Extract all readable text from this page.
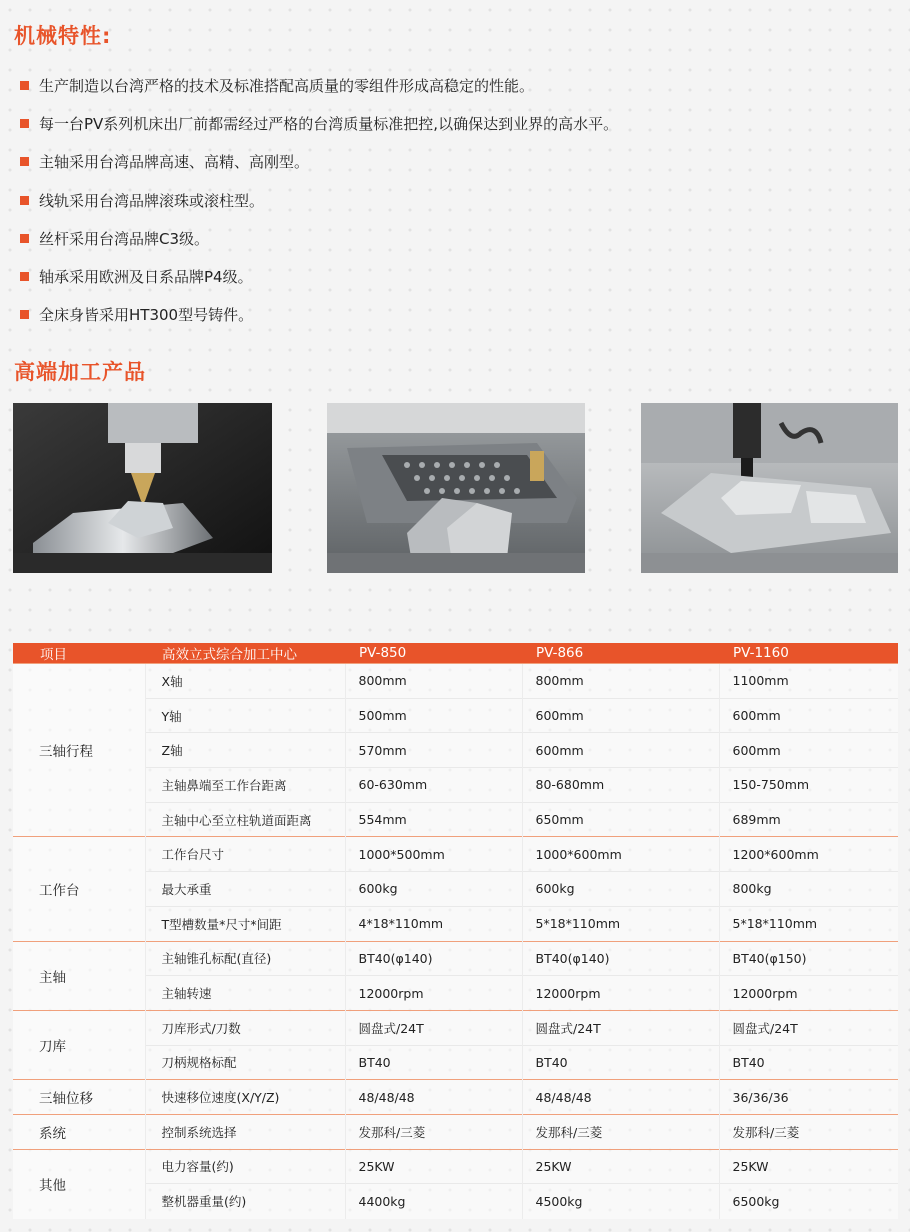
机械特性:
生产制造以台湾严格的技术及标准搭配高质量的零组件形成高稳定的性能。
每一台PV系列机床出厂前都需经过严格的台湾质量标准把控,以确保达到业界的高水平。
主轴采用台湾品牌高速、高精、高刚型。
线轨采用台湾品牌滚珠或滚柱型。
丝杆采用台湾品牌C3级。
轴承采用欧洲及日系品牌P4级。
全床身皆采用HT300型号铸件。
高端加工产品
项目	高效立式综合加工中心	PV-850	PV-866	PV-1160
三轴行程	X轴	800mm	800mm	1100mm
	Y轴	500mm	600mm	600mm
	Z轴	570mm	600mm	600mm
	主轴鼻端至工作台距离	60-630mm	80-680mm	150-750mm
	主轴中心至立柱轨道面距离	554mm	650mm	689mm
工作台	工作台尺寸	1000*500mm	1000*600mm	1200*600mm
	最大承重	600kg	600kg	800kg
	T型槽数量*尺寸*间距	4*18*110mm	5*18*110mm	5*18*110mm
主轴	主轴锥孔标配(直径)	BT40(φ140)	BT40(φ140)	BT40(φ150)
	主轴转速	12000rpm	12000rpm	12000rpm
刀库	刀库形式/刀数	圆盘式/24T	圆盘式/24T	圆盘式/24T
	刀柄规格标配	BT40	BT40	BT40
三轴位移	快速移位速度(X/Y/Z)	48/48/48	48/48/48	36/36/36
系统	控制系统选择	发那科/三菱	发那科/三菱	发那科/三菱
其他	电力容量(约)	25KW	25KW	25KW
	整机器重量(约)	4400kg	4500kg	6500kg
